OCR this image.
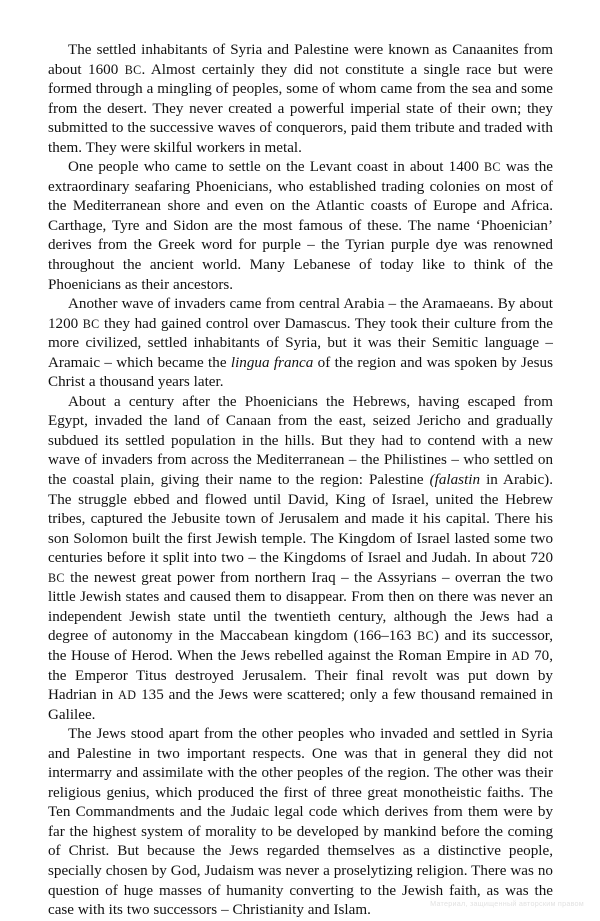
The settled inhabitants of Syria and Palestine were known as Canaanites from about 1600 BC. Almost certainly they did not constitute a single race but were formed through a mingling of peoples, some of whom came from the sea and some from the desert. They never created a powerful imperial state of their own; they submitted to the successive waves of conquerors, paid them tribute and traded with them. They were skilful workers in metal.

One people who came to settle on the Levant coast in about 1400 BC was the extraordinary seafaring Phoenicians, who established trading colonies on most of the Mediterranean shore and even on the Atlantic coasts of Europe and Africa. Carthage, Tyre and Sidon are the most famous of these. The name ‘Phoenician’ derives from the Greek word for purple – the Tyrian purple dye was renowned throughout the ancient world. Many Lebanese of today like to think of the Phoenicians as their ancestors.

Another wave of invaders came from central Arabia – the Aramaeans. By about 1200 BC they had gained control over Damascus. They took their culture from the more civilized, settled inhabitants of Syria, but it was their Semitic language – Aramaic – which became the lingua franca of the region and was spoken by Jesus Christ a thousand years later.

About a century after the Phoenicians the Hebrews, having escaped from Egypt, invaded the land of Canaan from the east, seized Jericho and gradually subdued its settled population in the hills. But they had to contend with a new wave of invaders from across the Mediterranean – the Philistines – who settled on the coastal plain, giving their name to the region: Palestine (falastin in Arabic). The struggle ebbed and flowed until David, King of Israel, united the Hebrew tribes, captured the Jebusite town of Jerusalem and made it his capital. There his son Solomon built the first Jewish temple. The Kingdom of Israel lasted some two centuries before it split into two – the Kingdoms of Israel and Judah. In about 720 BC the newest great power from northern Iraq – the Assyrians – overran the two little Jewish states and caused them to disappear. From then on there was never an independent Jewish state until the twentieth century, although the Jews had a degree of autonomy in the Maccabean kingdom (166–163 BC) and its successor, the House of Herod. When the Jews rebelled against the Roman Empire in AD 70, the Emperor Titus destroyed Jerusalem. Their final revolt was put down by Hadrian in AD 135 and the Jews were scattered; only a few thousand remained in Galilee.

The Jews stood apart from the other peoples who invaded and settled in Syria and Palestine in two important respects. One was that in general they did not intermarry and assimilate with the other peoples of the region. The other was their religious genius, which produced the first of three great monotheistic faiths. The Ten Commandments and the Judaic legal code which derives from them were by far the highest system of morality to be developed by mankind before the coming of Christ. But because the Jews regarded themselves as a distinctive people, specially chosen by God, Judaism was never a proselytizing religion. There was no question of huge masses of humanity converting to the Jewish faith, as was the case with its two successors – Christianity and Islam.	Материал, защищенный авторским правом
